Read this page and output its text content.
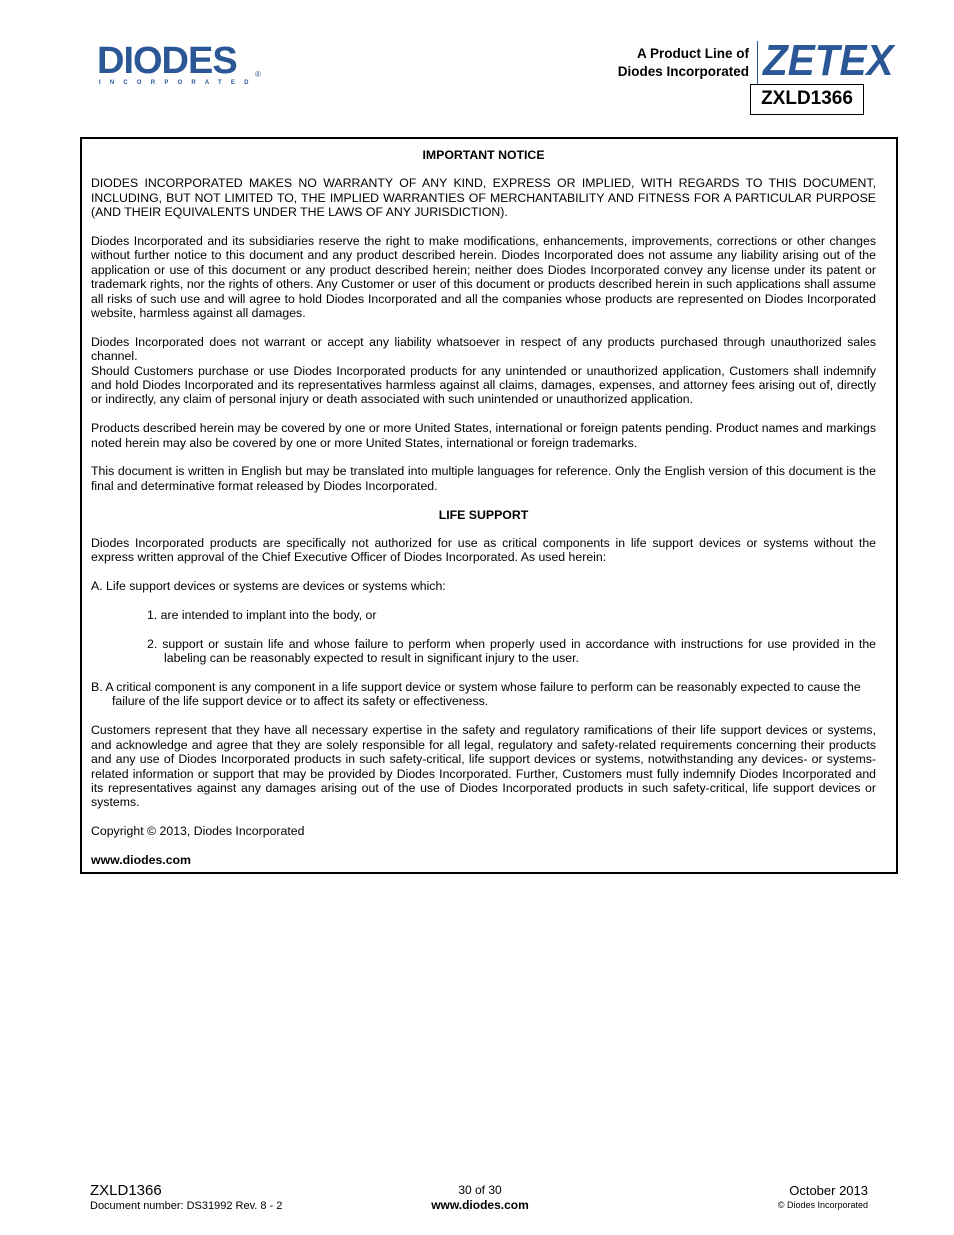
DIODES ®
INCORPORATED
A Product Line of
Diodes Incorporated ZETEX
ZXLD1366
IMPORTANT NOTICE

DIODES INCORPORATED MAKES NO WARRANTY OF ANY KIND, EXPRESS OR IMPLIED, WITH REGARDS TO THIS DOCUMENT, INCLUDING, BUT NOT LIMITED TO, THE IMPLIED WARRANTIES OF MERCHANTABILITY AND FITNESS FOR A PARTICULAR PURPOSE (AND THEIR EQUIVALENTS UNDER THE LAWS OF ANY JURISDICTION).

Diodes Incorporated and its subsidiaries reserve the right to make modifications, enhancements, improvements, corrections or other changes without further notice to this document and any product described herein. Diodes Incorporated does not assume any liability arising out of the application or use of this document or any product described herein; neither does Diodes Incorporated convey any license under its patent or trademark rights, nor the rights of others. Any Customer or user of this document or products described herein in such applications shall assume all risks of such use and will agree to hold Diodes Incorporated and all the companies whose products are represented on Diodes Incorporated website, harmless against all damages.

Diodes Incorporated does not warrant or accept any liability whatsoever in respect of any products purchased through unauthorized sales channel.

Should Customers purchase or use Diodes Incorporated products for any unintended or unauthorized application, Customers shall indemnify and hold Diodes Incorporated and its representatives harmless against all claims, damages, expenses, and attorney fees arising out of, directly or indirectly, any claim of personal injury or death associated with such unintended or unauthorized application.

Products described herein may be covered by one or more United States, international or foreign patents pending. Product names and markings noted herein may also be covered by one or more United States, international or foreign trademarks.

This document is written in English but may be translated into multiple languages for reference. Only the English version of this document is the final and determinative format released by Diodes Incorporated.

LIFE SUPPORT

Diodes Incorporated products are specifically not authorized for use as critical components in life support devices or systems without the express written approval of the Chief Executive Officer of Diodes Incorporated. As used herein:

A. Life support devices or systems are devices or systems which:
1. are intended to implant into the body, or
2. support or sustain life and whose failure to perform when properly used in accordance with instructions for use provided in the labeling can be reasonably expected to result in significant injury to the user.
B. A critical component is any component in a life support device or system whose failure to perform can be reasonably expected to cause the failure of the life support device or to affect its safety or effectiveness.

Customers represent that they have all necessary expertise in the safety and regulatory ramifications of their life support devices or systems, and acknowledge and agree that they are solely responsible for all legal, regulatory and safety-related requirements concerning their products and any use of Diodes Incorporated products in such safety-critical, life support devices or systems, notwithstanding any devices- or systems-related information or support that may be provided by Diodes Incorporated. Further, Customers must fully indemnify Diodes Incorporated and its representatives against any damages arising out of the use of Diodes Incorporated products in such safety-critical, life support devices or systems.

Copyright © 2013, Diodes Incorporated

www.diodes.com

ZXLD1366
Document number: DS31992 Rev. 8 - 2
30 of 30
www.diodes.com
October 2013
© Diodes Incorporated
